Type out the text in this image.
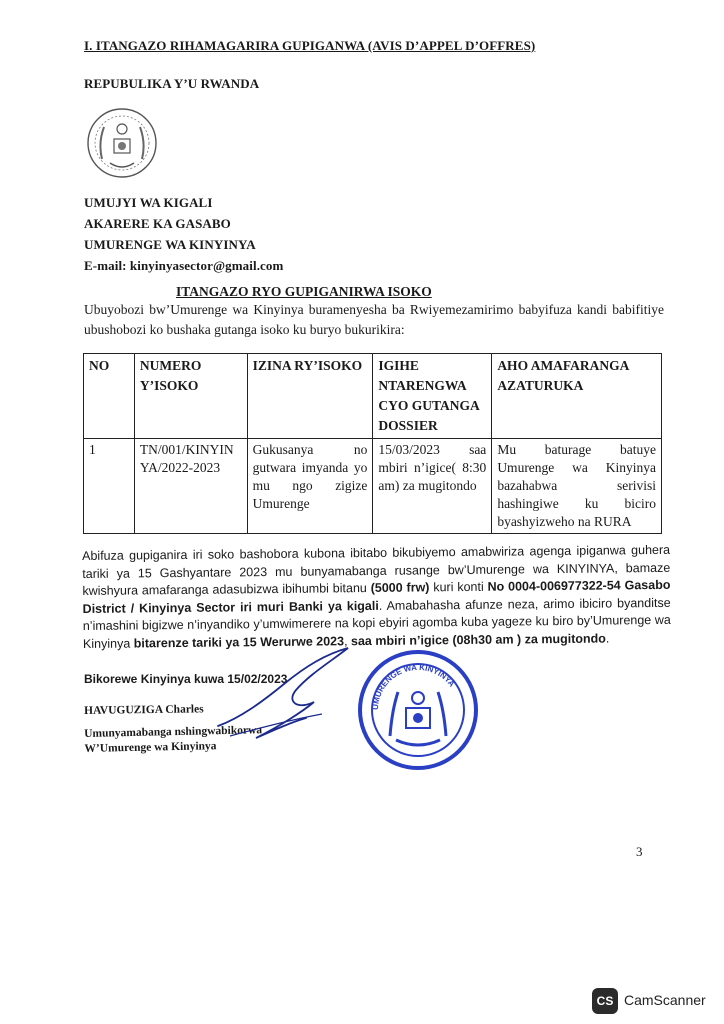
I. ITANGAZO RIHAMAGARIRA GUPIGANWA (AVIS D’APPEL D’OFFRES)
REPUBULIKA Y’U RWANDA
UMUJYI WA KIGALI
AKARERE KA GASABO
UMURENGE WA KINYINYA
E-mail: kinyinyasector@gmail.com
ITANGAZO RYO GUPIGANIRWA ISOKO
Ubuyobozi bw’Umurenge wa Kinyinya buramenyesha ba Rwiyemezamirimo babyifuza kandi babifitiye ubushobozi ko bushaka gutanga isoko ku buryo bukurikira:
NO	NUMERO Y’ISOKO	IZINA RY’ISOKO	IGIHE NTARENGWA CYO GUTANGA DOSSIER	AHO AMAFARANGA AZATURUKA
1	TN/001/KINYINYA/2022-2023	Gukusanya no gutwara imyanda yo mu ngo zigize Umurenge	15/03/2023 saa mbiri n’igice( 8:30 am) za mugitondo	Mu baturage batuye Umurenge wa Kinyinya bazahabwa serivisi hashingiwe ku biciro byashyizweho na RURA
Abifuza gupiganira iri soko bashobora kubona ibitabo bikubiyemo amabwiriza agenga ipiganwa guhera tariki ya 15 Gashyantare 2023 mu bunyamabanga rusange bw’Umurenge wa KINYINYA, bamaze kwishyura amafaranga adasubizwa ibihumbi bitanu (5000 frw) kuri konti No 0004-006977322-54 Gasabo District / Kinyinya Sector iri muri Banki ya kigali. Amabahasha afunze neza, arimo ibiciro byanditse n’imashini bigizwe n’inyandiko y’umwimerere na kopi ebyiri agomba kuba yageze ku biro by’Umurenge wa Kinyinya bitarenze tariki ya 15 Werurwe 2023, saa mbiri n’igice (08h30 am ) za mugitondo.
Bikorewe Kinyinya kuwa 15/02/2023
HAVUGUZIGA Charles
Umunyamabanga nshingwabikorwa
W’Umurenge wa Kinyinya
UMURENGE WA KINYINYA
3
CS CamScanner
